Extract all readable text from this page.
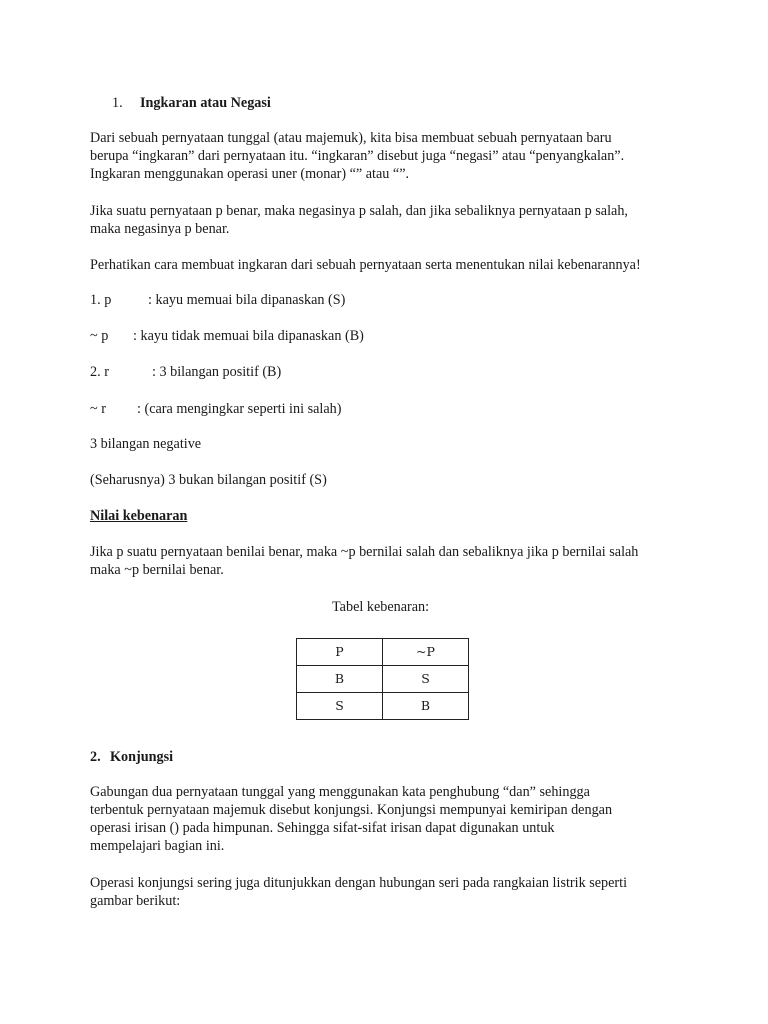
1. Ingkaran atau Negasi
Dari sebuah pernyataan tunggal (atau majemuk), kita bisa membuat sebuah pernyataan baru
berupa “ingkaran” dari pernyataan itu. “ingkaran” disebut juga “negasi” atau “penyangkalan”.
Ingkaran menggunakan operasi uner (monar) “” atau “”.
Jika suatu pernyataan p benar, maka negasinya p salah, dan jika sebaliknya pernyataan p salah,
maka negasinya p benar.
Perhatikan cara membuat ingkaran dari sebuah pernyataan serta menentukan nilai kebenarannya!
1. p	: kayu memuai bila dipanaskan (S)
~ p : kayu tidak memuai bila dipanaskan (B)
2. r	: 3 bilangan positif (B)
~ r : (cara mengingkar seperti ini salah)
3 bilangan negative
(Seharusnya) 3 bukan bilangan positif (S)
Nilai kebenaran
Jika p suatu pernyataan benilai benar, maka ~p bernilai salah dan sebaliknya jika p bernilai salah
maka ~p bernilai benar.
Tabel kebenaran:
P	~P
B	S
S	B
2. Konjungsi
Gabungan dua pernyataan tunggal yang menggunakan kata penghubung “dan” sehingga
terbentuk pernyataan majemuk disebut konjungsi. Konjungsi mempunyai kemiripan dengan
operasi irisan () pada himpunan. Sehingga sifat-sifat irisan dapat digunakan untuk
mempelajari bagian ini.
Operasi konjungsi sering juga ditunjukkan dengan hubungan seri pada rangkaian listrik seperti
gambar berikut:
